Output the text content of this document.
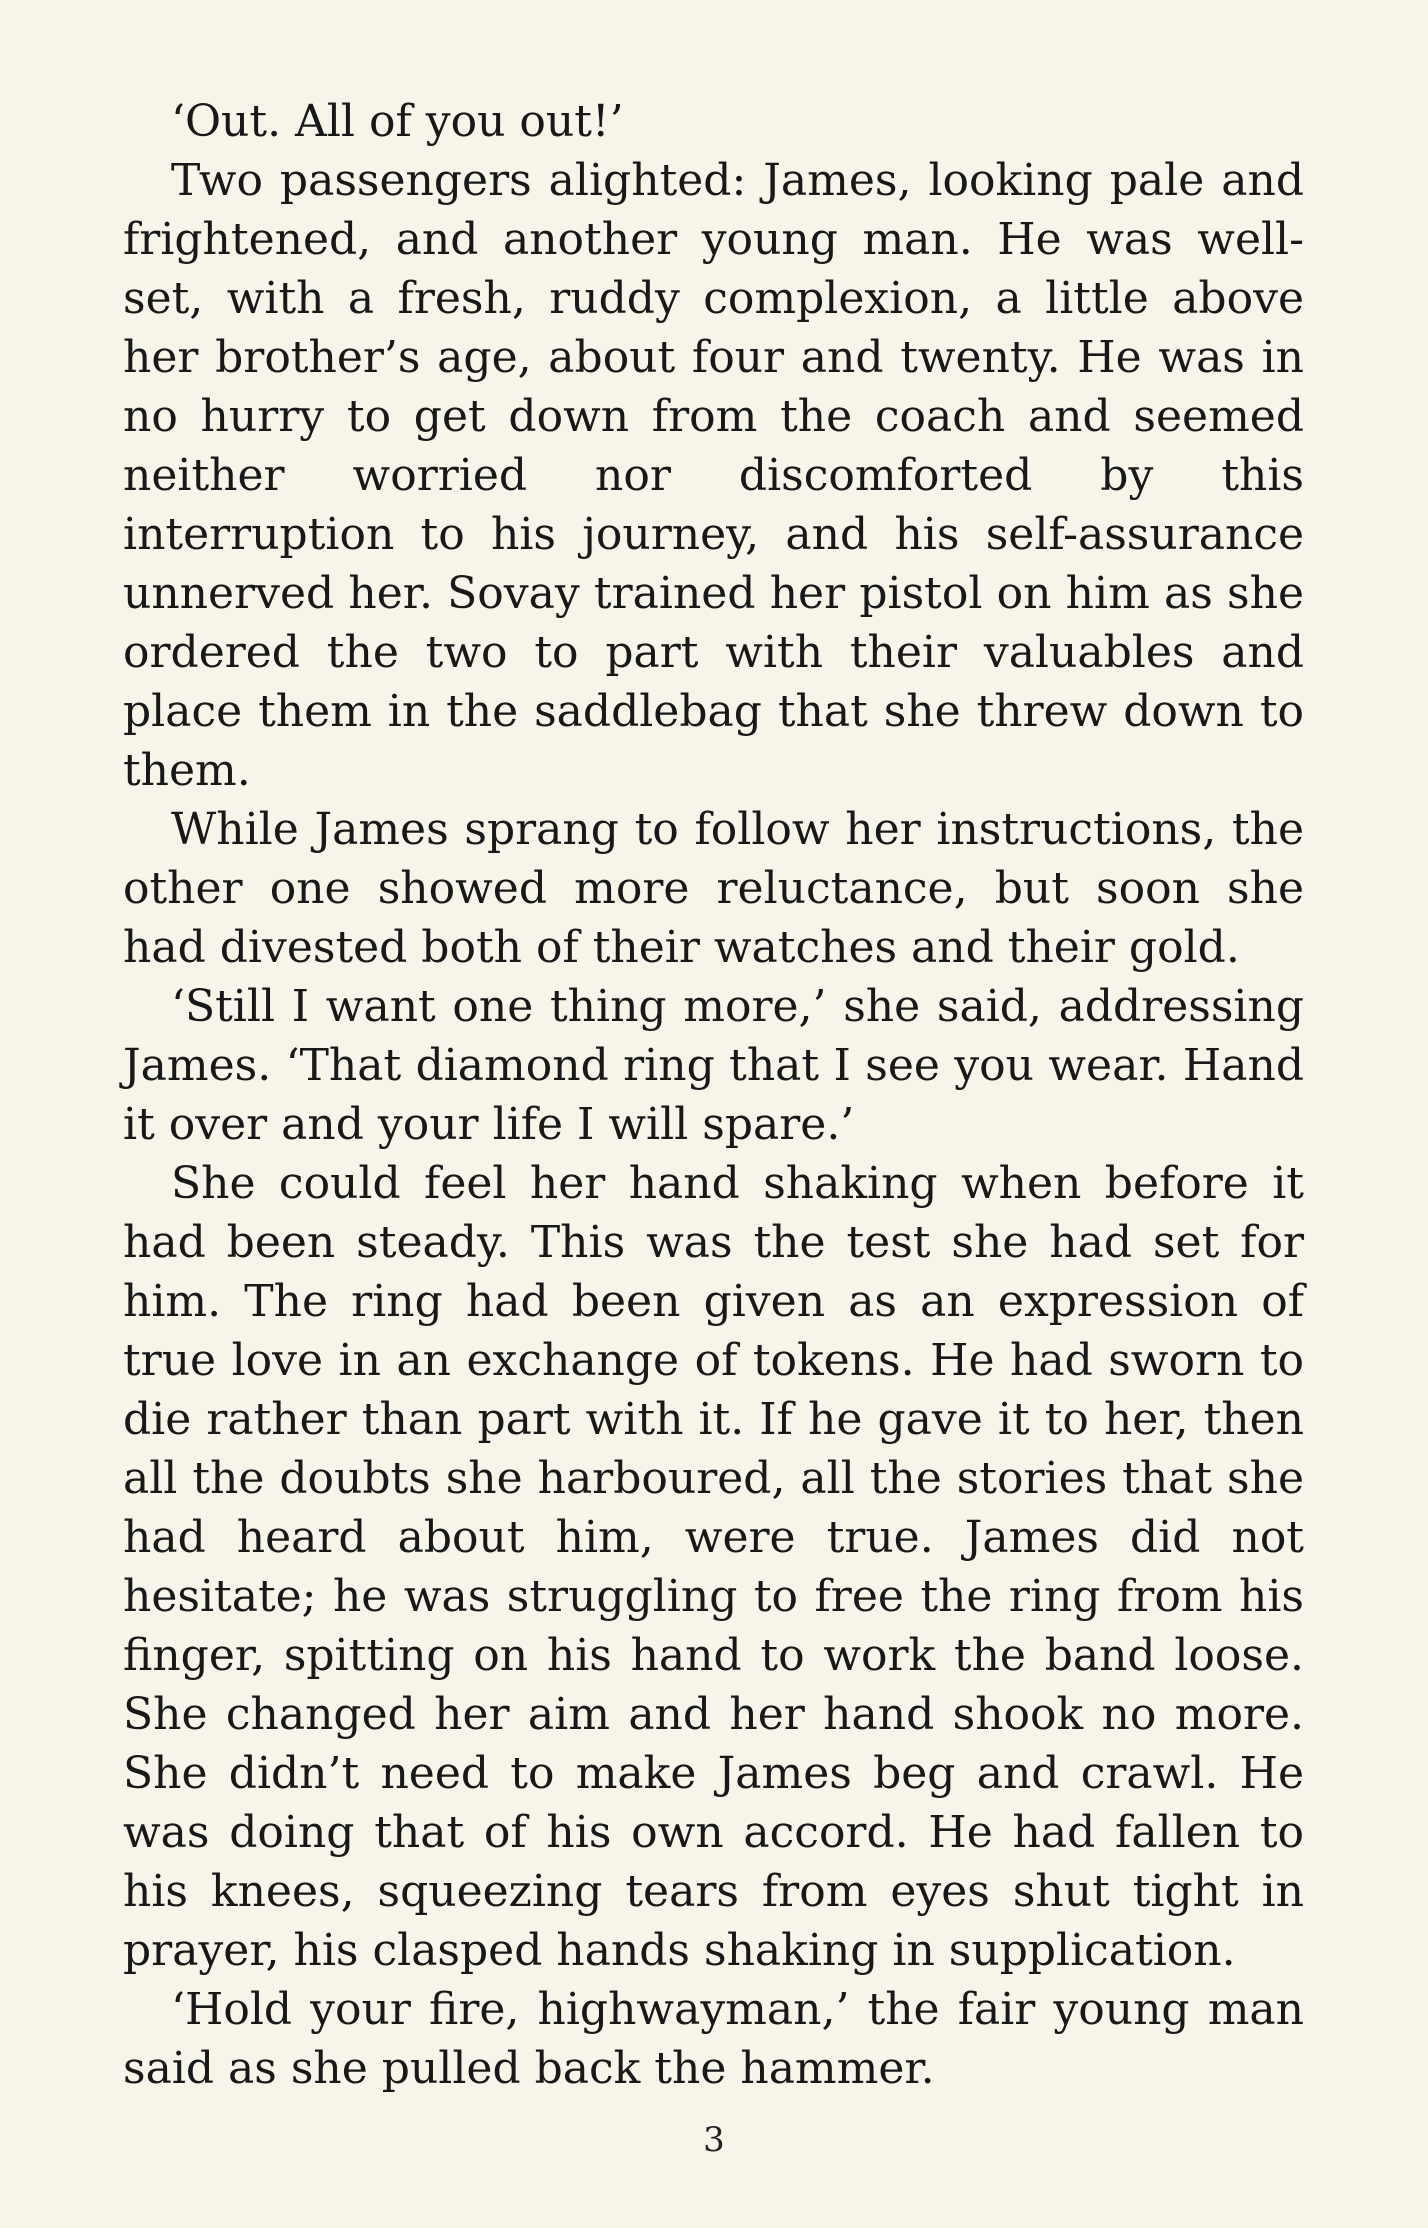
‘Out. All of you out!’

Two passengers alighted: James, looking pale and frightened, and another young man. He was well-set, with a fresh, ruddy complexion, a little above her brother’s age, about four and twenty. He was in no hurry to get down from the coach and seemed neither worried nor discomforted by this interruption to his journey, and his self-assurance unnerved her. Sovay trained her pistol on him as she ordered the two to part with their valuables and place them in the saddlebag that she threw down to them.

While James sprang to follow her instructions, the other one showed more reluctance, but soon she had divested both of their watches and their gold.

‘Still I want one thing more,’ she said, addressing James. ‘That diamond ring that I see you wear. Hand it over and your life I will spare.’

She could feel her hand shaking when before it had been steady. This was the test she had set for him. The ring had been given as an expression of true love in an exchange of tokens. He had sworn to die rather than part with it. If he gave it to her, then all the doubts she harboured, all the stories that she had heard about him, were true. James did not hesitate; he was struggling to free the ring from his finger, spitting on his hand to work the band loose. She changed her aim and her hand shook no more. She didn’t need to make James beg and crawl. He was doing that of his own accord. He had fallen to his knees, squeezing tears from eyes shut tight in prayer, his clasped hands shaking in supplication.

‘Hold your fire, highwayman,’ the fair young man said as she pulled back the hammer.

3
